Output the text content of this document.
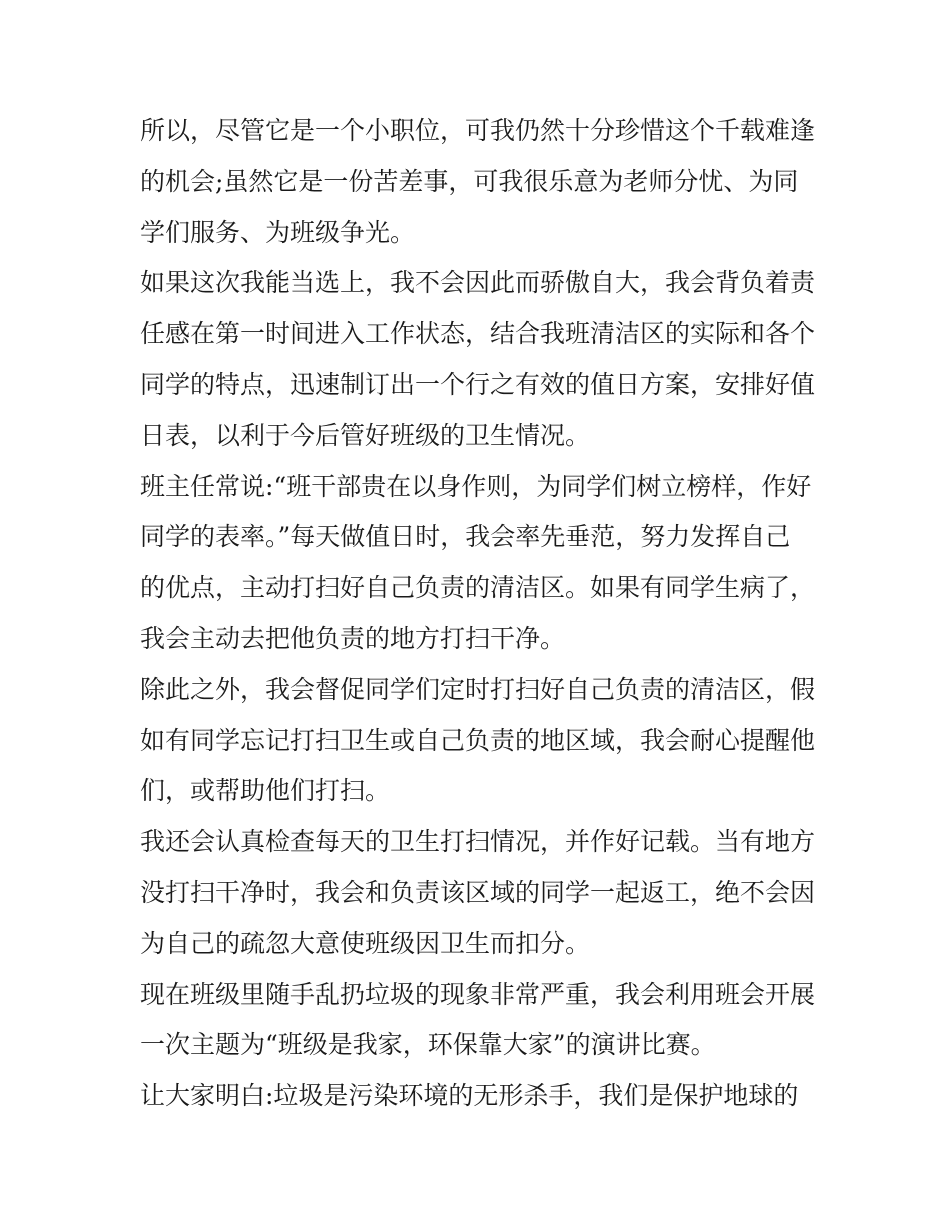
所以，尽管它是一个小职位，可我仍然十分珍惜这个千载难逢
的机会;虽然它是一份苦差事，可我很乐意为老师分忧、为同
学们服务、为班级争光。
如果这次我能当选上，我不会因此而骄傲自大，我会背负着责
任感在第一时间进入工作状态，结合我班清洁区的实际和各个
同学的特点，迅速制订出一个行之有效的值日方案，安排好值
日表，以利于今后管好班级的卫生情况。
班主任常说:“班干部贵在以身作则，为同学们树立榜样，作好
同学的表率。”每天做值日时，我会率先垂范，努力发挥自己
的优点，主动打扫好自己负责的清洁区。如果有同学生病了，
我会主动去把他负责的地方打扫干净。
除此之外，我会督促同学们定时打扫好自己负责的清洁区，假
如有同学忘记打扫卫生或自己负责的地区域，我会耐心提醒他
们，或帮助他们打扫。
我还会认真检查每天的卫生打扫情况，并作好记载。当有地方
没打扫干净时，我会和负责该区域的同学一起返工，绝不会因
为自己的疏忽大意使班级因卫生而扣分。
现在班级里随手乱扔垃圾的现象非常严重，我会利用班会开展
一次主题为“班级是我家，环保靠大家”的演讲比赛。
让大家明白:垃圾是污染环境的无形杀手，我们是保护地球的
